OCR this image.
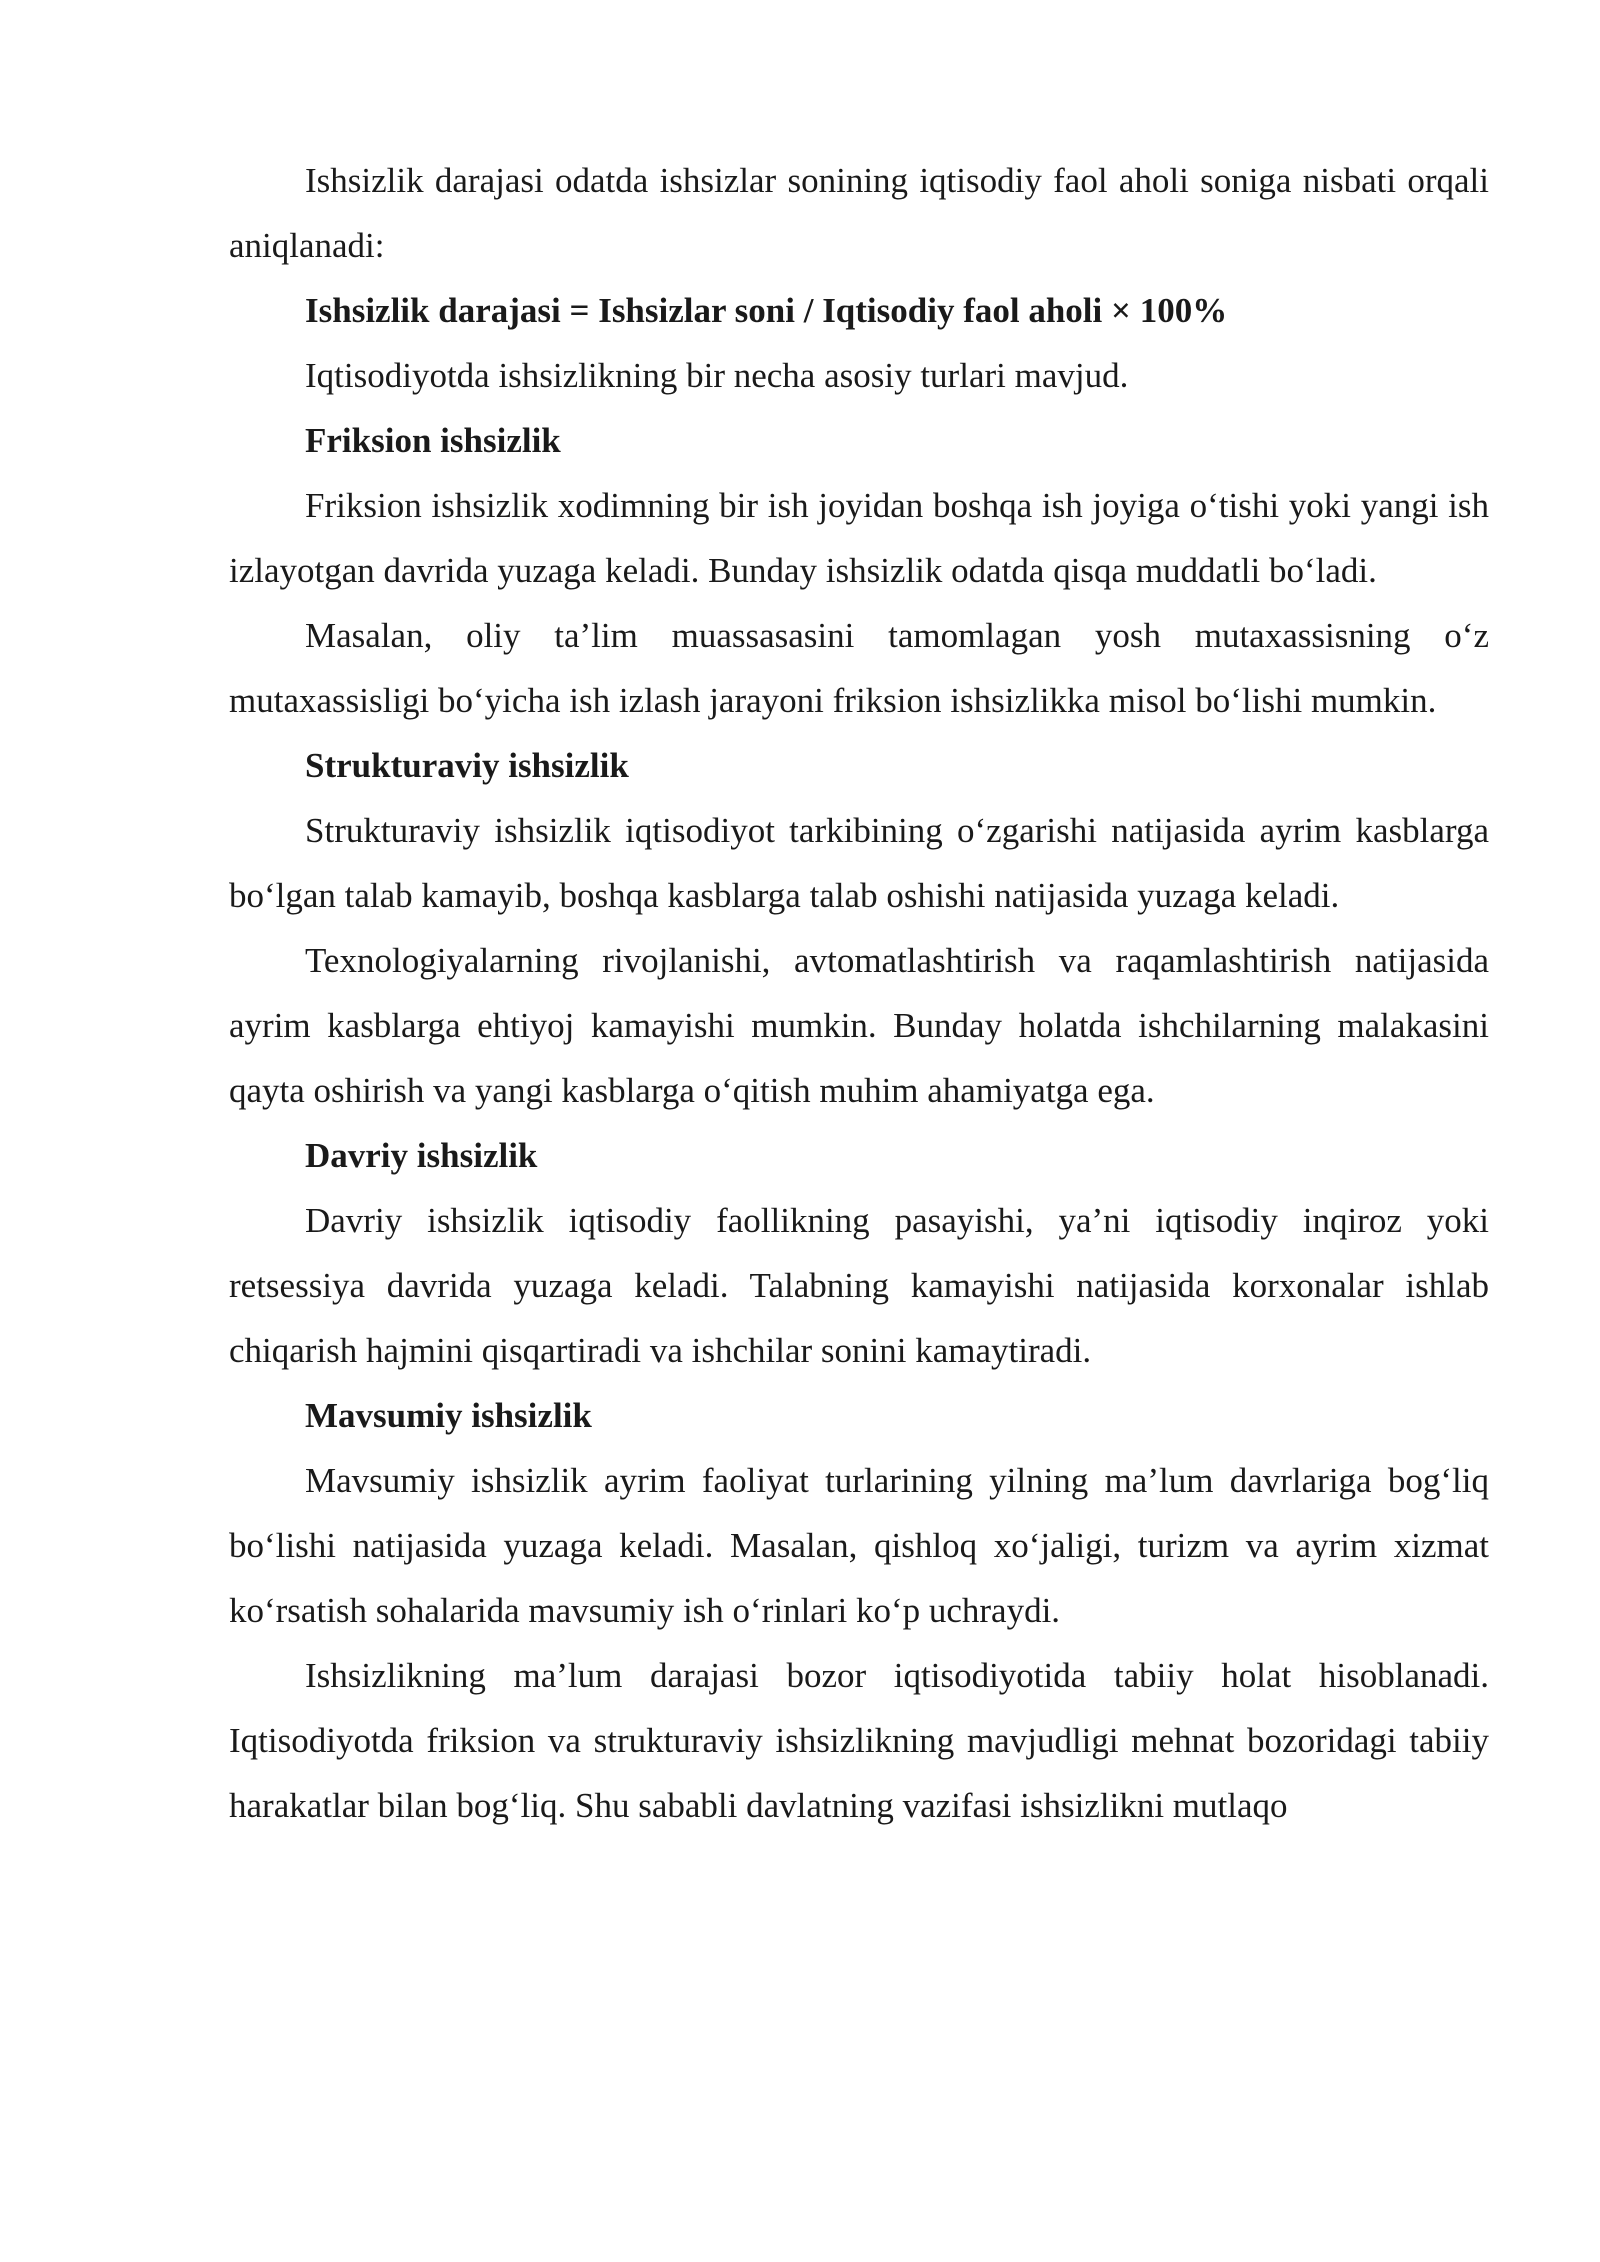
Ishsizlik darajasi odatda ishsizlar sonining iqtisodiy faol aholi soniga nisbati orqali aniqlanadi:

Ishsizlik darajasi = Ishsizlar soni / Iqtisodiy faol aholi × 100%

Iqtisodiyotda ishsizlikning bir necha asosiy turlari mavjud.

Friksion ishsizlik

Friksion ishsizlik xodimning bir ish joyidan boshqa ish joyiga o‘tishi yoki yangi ish izlayotgan davrida yuzaga keladi. Bunday ishsizlik odatda qisqa muddatli bo‘ladi.

Masalan, oliy ta’lim muassasasini tamomlagan yosh mutaxassisning o‘z mutaxassisligi bo‘yicha ish izlash jarayoni friksion ishsizlikka misol bo‘lishi mumkin.

Strukturaviy ishsizlik

Strukturaviy ishsizlik iqtisodiyot tarkibining o‘zgarishi natijasida ayrim kasblarga bo‘lgan talab kamayib, boshqa kasblarga talab oshishi natijasida yuzaga keladi.

Texnologiyalarning rivojlanishi, avtomatlashtirish va raqamlashtirish natijasida ayrim kasblarga ehtiyoj kamayishi mumkin. Bunday holatda ishchilarning malakasini qayta oshirish va yangi kasblarga o‘qitish muhim ahamiyatga ega.

Davriy ishsizlik

Davriy ishsizlik iqtisodiy faollikning pasayishi, ya’ni iqtisodiy inqiroz yoki retsessiya davrida yuzaga keladi. Talabning kamayishi natijasida korxonalar ishlab chiqarish hajmini qisqartiradi va ishchilar sonini kamaytiradi.

Mavsumiy ishsizlik

Mavsumiy ishsizlik ayrim faoliyat turlarining yilning ma’lum davrlariga bog‘liq bo‘lishi natijasida yuzaga keladi. Masalan, qishloq xo‘jaligi, turizm va ayrim xizmat ko‘rsatish sohalarida mavsumiy ish o‘rinlari ko‘p uchraydi.

Ishsizlikning ma’lum darajasi bozor iqtisodiyotida tabiiy holat hisoblanadi. Iqtisodiyotda friksion va strukturaviy ishsizlikning mavjudligi mehnat bozoridagi tabiiy harakatlar bilan bog‘liq. Shu sababli davlatning vazifasi ishsizlikni mutlaqo
